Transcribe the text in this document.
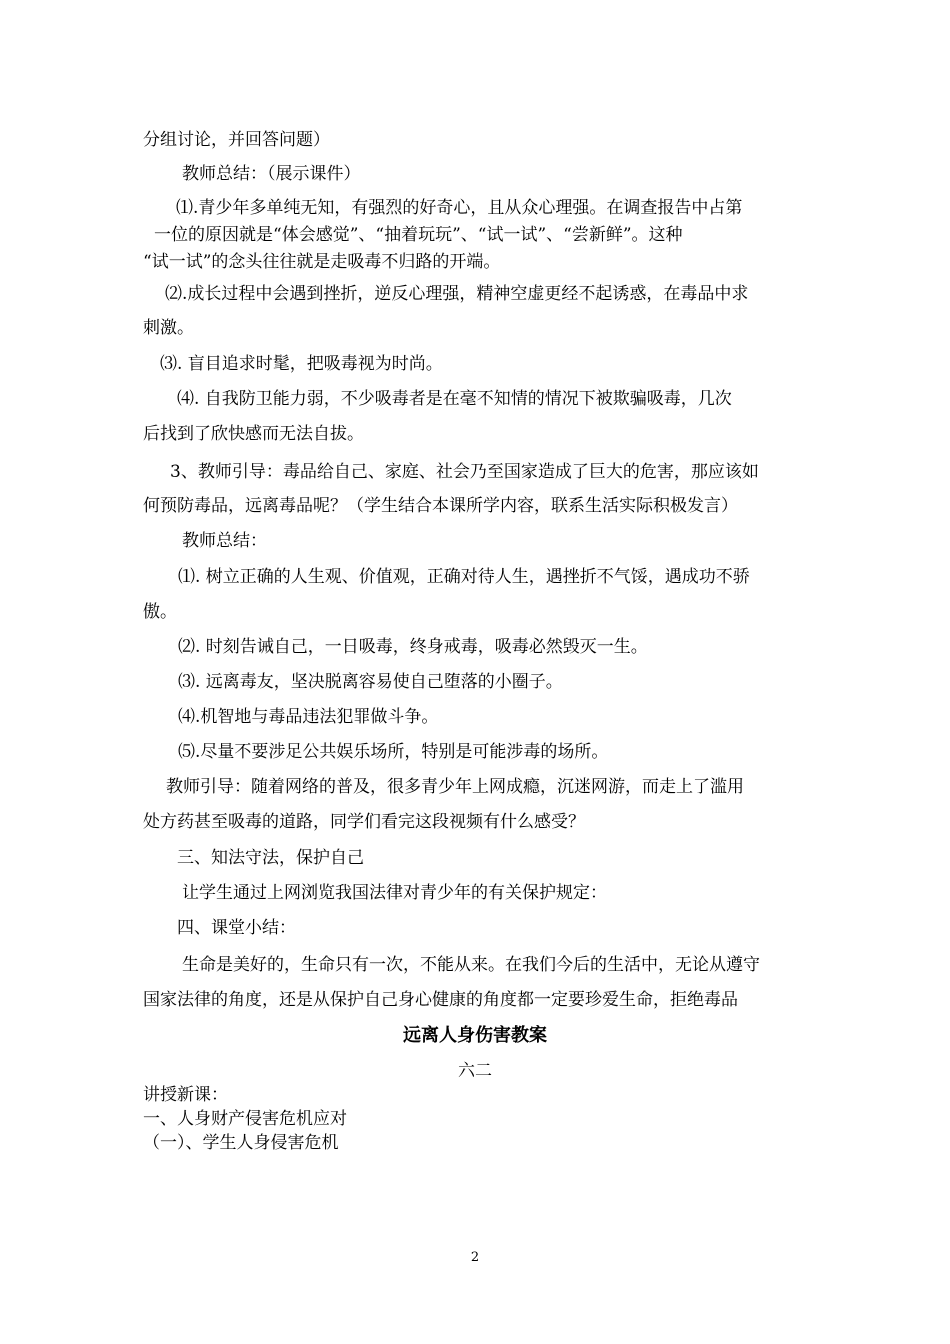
分组讨论，并回答问题）
教师总结：（展示课件）
⑴.青少年多单纯无知，有强烈的好奇心，且从众心理强。在调查报告中占第
一位的原因就是“体会感觉”、“抽着玩玩”、“试一试”、“尝新鲜”。这种
“试一试”的念头往往就是走吸毒不归路的开端。
⑵.成长过程中会遇到挫折，逆反心理强，精神空虚更经不起诱惑，在毒品中求
刺激。
⑶. 盲目追求时髦，把吸毒视为时尚。
⑷. 自我防卫能力弱，不少吸毒者是在毫不知情的情况下被欺骗吸毒，几次
后找到了欣快感而无法自拔。
3、教师引导：毒品给自己、家庭、社会乃至国家造成了巨大的危害，那应该如
何预防毒品，远离毒品呢？（学生结合本课所学内容，联系生活实际积极发言）
教师总结：
⑴. 树立正确的人生观、价值观，正确对待人生，遇挫折不气馁，遇成功不骄
傲。
⑵. 时刻告诫自己，一日吸毒，终身戒毒，吸毒必然毁灭一生。
⑶. 远离毒友，坚决脱离容易使自己堕落的小圈子。
⑷.机智地与毒品违法犯罪做斗争。
⑸.尽量不要涉足公共娱乐场所，特别是可能涉毒的场所。
教师引导：随着网络的普及，很多青少年上网成瘾，沉迷网游，而走上了滥用
处方药甚至吸毒的道路，同学们看完这段视频有什么感受？
三、知法守法，保护自己
让学生通过上网浏览我国法律对青少年的有关保护规定：
四、课堂小结：
生命是美好的，生命只有一次，不能从来。在我们今后的生活中，无论从遵守
国家法律的角度，还是从保护自己身心健康的角度都一定要珍爱生命，拒绝毒品
远离人身伤害教案
六二
讲授新课：
一、人身财产侵害危机应对
（一）、学生人身侵害危机
2
